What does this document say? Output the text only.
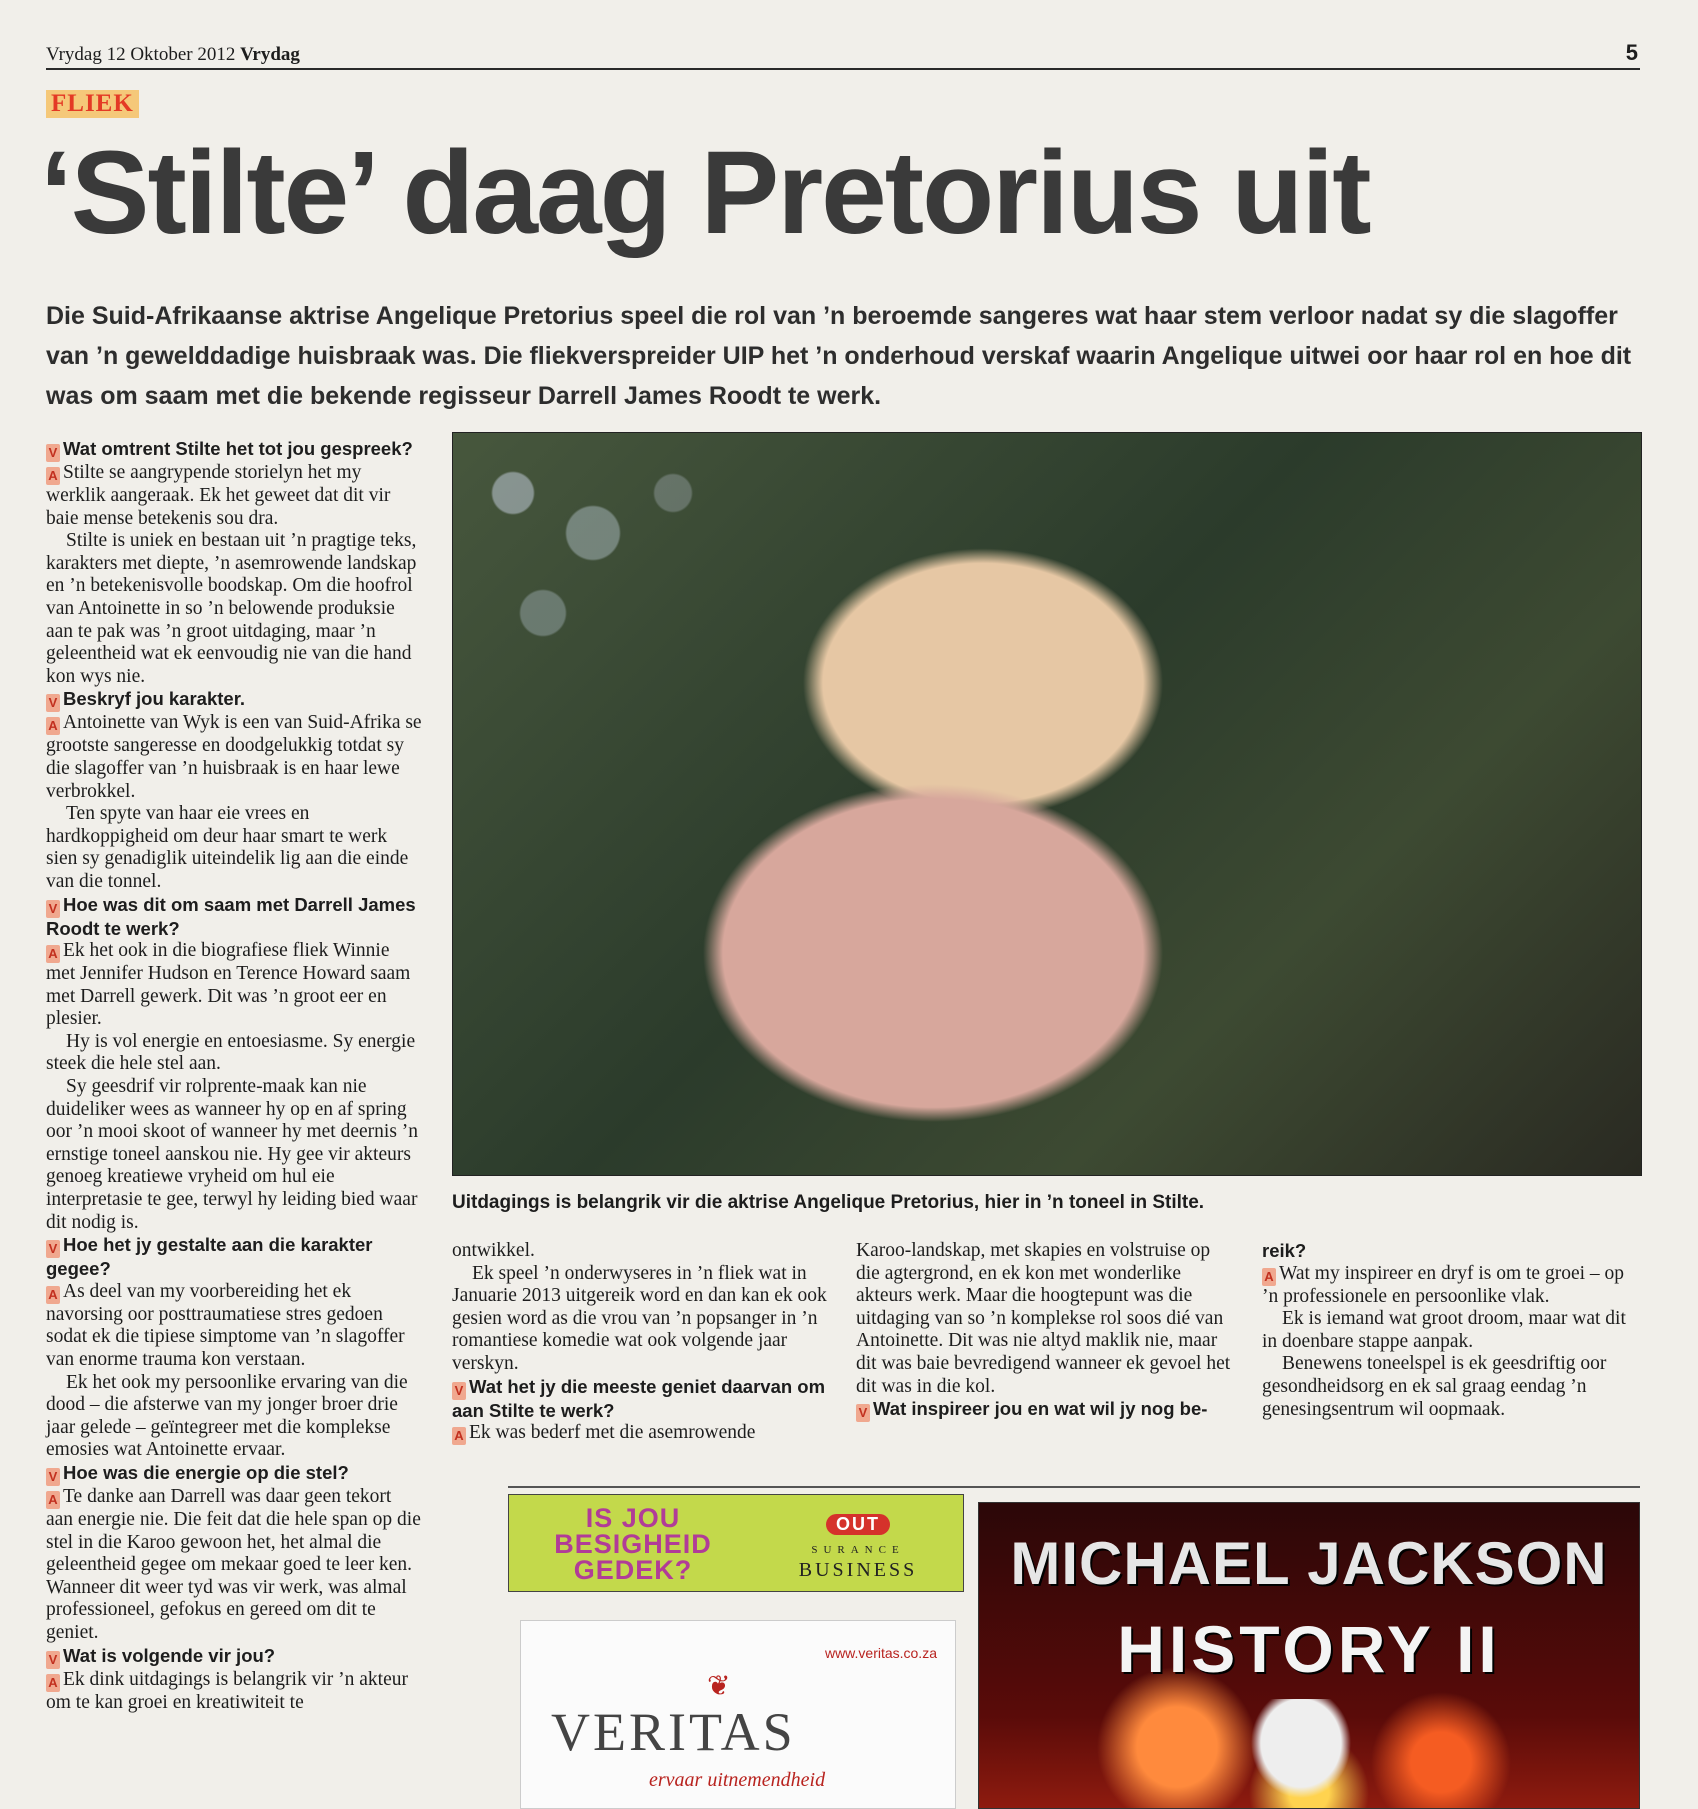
Vrydag 12 Oktober 2012 Vrydag	5
FLIEK
‘Stilte’ daag Pretorius uit
Die Suid-Afrikaanse aktrise Angelique Pretorius speel die rol van ’n beroemde sangeres wat haar stem verloor nadat sy die slagoffer van ’n gewelddadige huisbraak was. Die fliekverspreider UIP het ’n onderhoud verskaf waarin Angelique uitwei oor haar rol en hoe dit was om saam met die bekende regisseur Darrell James Roodt te werk.

V Wat omtrent Stilte het tot jou gespreek?

A Stilte se aangrypende storielyn het my werklik aangeraak. Ek het geweet dat dit vir baie mense betekenis sou dra.

Stilte is uniek en bestaan uit ’n pragtige teks, karakters met diepte, ’n asemrowende landskap en ’n betekenisvolle boodskap. Om die hoofrol van Antoinette in so ’n belowende produksie aan te pak was ’n groot uitdaging, maar ’n geleentheid wat ek eenvoudig nie van die hand kon wys nie.

V Beskryf jou karakter.

A Antoinette van Wyk is een van Suid-Afrika se grootste sangeresse en doodgelukkig totdat sy die slagoffer van ’n huisbraak is en haar lewe verbrokkel.

Ten spyte van haar eie vrees en hardkoppigheid om deur haar smart te werk sien sy genadiglik uiteindelik lig aan die einde van die tonnel.

V Hoe was dit om saam met Darrell James Roodt te werk?

A Ek het ook in die biografiese fliek Winnie met Jennifer Hudson en Terence Howard saam met Darrell gewerk. Dit was ’n groot eer en plesier.

Hy is vol energie en entoesiasme. Sy energie steek die hele stel aan.

Sy geesdrif vir rolprente-maak kan nie duideliker wees as wanneer hy op en af spring oor ’n mooi skoot of wanneer hy met deernis ’n ernstige toneel aanskou nie. Hy gee vir akteurs genoeg kreatiewe vryheid om hul eie interpretasie te gee, terwyl hy leiding bied waar dit nodig is.

V Hoe het jy gestalte aan die karakter gegee?

A As deel van my voorbereiding het ek navorsing oor posttraumatiese stres gedoen sodat ek die tipiese simptome van ’n slagoffer van enorme trauma kon verstaan.

Ek het ook my persoonlike ervaring van die dood – die afsterwe van my jonger broer drie jaar gelede – geïntegreer met die komplekse emosies wat Antoinette ervaar.

V Hoe was die energie op die stel?

A Te danke aan Darrell was daar geen tekort aan energie nie. Die feit dat die hele span op die stel in die Karoo gewoon het, het almal die geleentheid gegee om mekaar goed te leer ken. Wanneer dit weer tyd was vir werk, was almal professioneel, gefokus en gereed om dit te geniet.

V Wat is volgende vir jou?

A Ek dink uitdagings is belangrik vir ’n akteur om te kan groei en kreatiwiteit te

Uitdagings is belangrik vir die aktrise Angelique Pretorius, hier in ’n toneel in Stilte.

ontwikkel.

Ek speel ’n onderwyseres in ’n fliek wat in Januarie 2013 uitgereik word en dan kan ek ook gesien word as die vrou van ’n popsanger in ’n romantiese komedie wat ook volgende jaar verskyn.

V Wat het jy die meeste geniet daarvan om aan Stilte te werk?

A Ek was bederf met die asemrowende

Karoo-landskap, met skapies en volstruise op die agtergrond, en ek kon met wonderlike akteurs werk. Maar die hoogtepunt was die uitdaging van so ’n komplekse rol soos dié van Antoinette. Dit was nie altyd maklik nie, maar dit was baie bevredigend wanneer ek gevoel het dit was in die kol.

V Wat inspireer jou en wat wil jy nog be-

reik?

A Wat my inspireer en dryf is om te groei – op ’n professionele en persoonlike vlak.

Ek is iemand wat groot droom, maar wat dit in doenbare stappe aanpak.

Benewens toneelspel is ek geesdriftig oor gesondheidsorg en ek sal graag eendag ’n genesingsentrum wil oopmaak.

IS JOU BESIGHEID GEDEK?
OUT
SURANCE
BUSINESS
www.veritas.co.za
❦
VERITAS
ervaar uitnemendheid
MICHAEL JACKSON
HISTORY II
